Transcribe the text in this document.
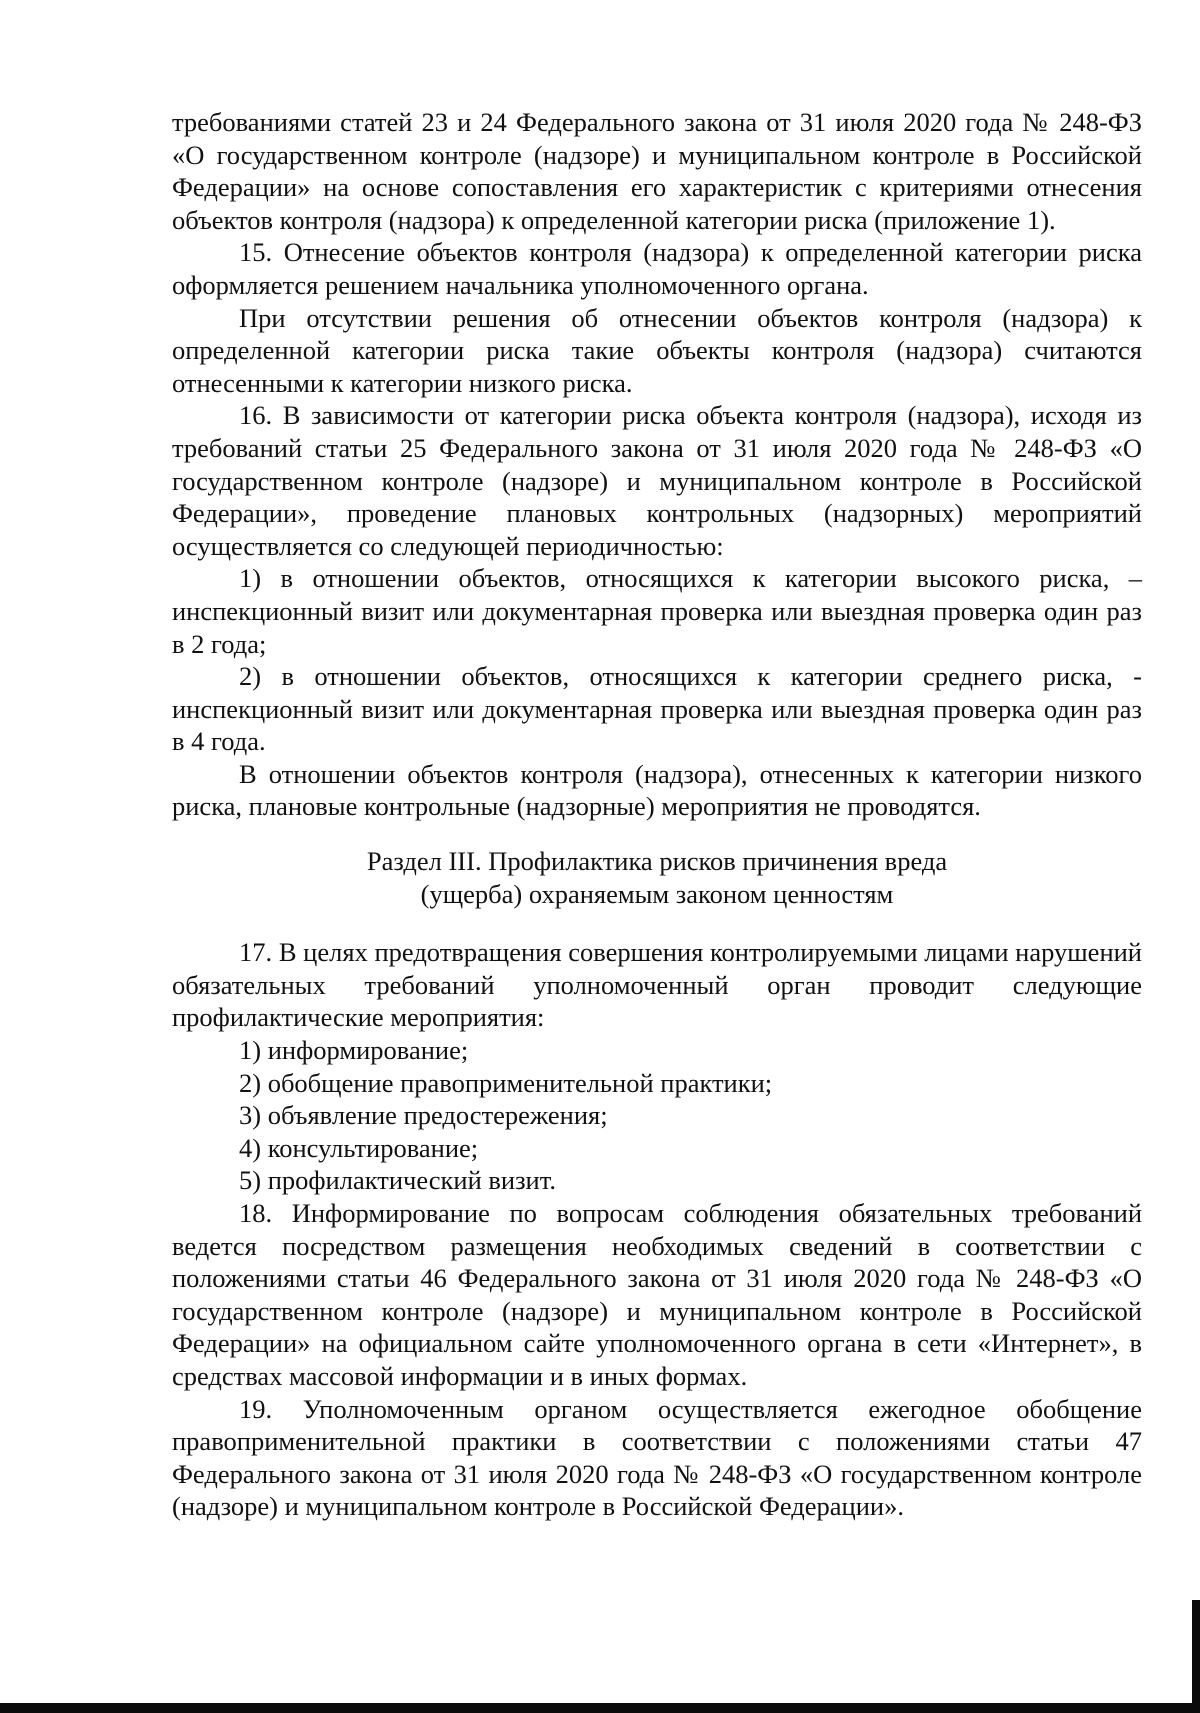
требованиями статей 23 и 24 Федерального закона от 31 июля 2020 года № 248-ФЗ «О государственном контроле (надзоре) и муниципальном контроле в Российской Федерации» на основе сопоставления его характеристик с критериями отнесения объектов контроля (надзора) к определенной категории риска (приложение 1).

15. Отнесение объектов контроля (надзора) к определенной категории риска оформляется решением начальника уполномоченного органа.

При отсутствии решения об отнесении объектов контроля (надзора) к определенной категории риска такие объекты контроля (надзора) считаются отнесенными к категории низкого риска.

16. В зависимости от категории риска объекта контроля (надзора), исходя из требований статьи 25 Федерального закона от 31 июля 2020 года № 248-ФЗ «О государственном контроле (надзоре) и муниципальном контроле в Российской Федерации», проведение плановых контрольных (надзорных) мероприятий осуществляется со следующей периодичностью:

1) в отношении объектов, относящихся к категории высокого риска, – инспекционный визит или документарная проверка или выездная проверка один раз в 2 года;

2) в отношении объектов, относящихся к категории среднего риска, - инспекционный визит или документарная проверка или выездная проверка один раз в 4 года.

В отношении объектов контроля (надзора), отнесенных к категории низкого риска, плановые контрольные (надзорные) мероприятия не проводятся.

Раздел III. Профилактика рисков причинения вреда
(ущерба) охраняемым законом ценностям

17. В целях предотвращения совершения контролируемыми лицами нарушений обязательных требований уполномоченный орган проводит следующие профилактические мероприятия:

1) информирование;

2) обобщение правоприменительной практики;

3) объявление предостережения;

4) консультирование;

5) профилактический визит.

18. Информирование по вопросам соблюдения обязательных требований ведется посредством размещения необходимых сведений в соответствии с положениями статьи 46 Федерального закона от 31 июля 2020 года № 248-ФЗ «О государственном контроле (надзоре) и муниципальном контроле в Российской Федерации» на официальном сайте уполномоченного органа в сети «Интернет», в средствах массовой информации и в иных формах.

19. Уполномоченным органом осуществляется ежегодное обобщение правоприменительной практики в соответствии с положениями статьи 47 Федерального закона от 31 июля 2020 года № 248-ФЗ «О государственном контроле (надзоре) и муниципальном контроле в Российской Федерации».
